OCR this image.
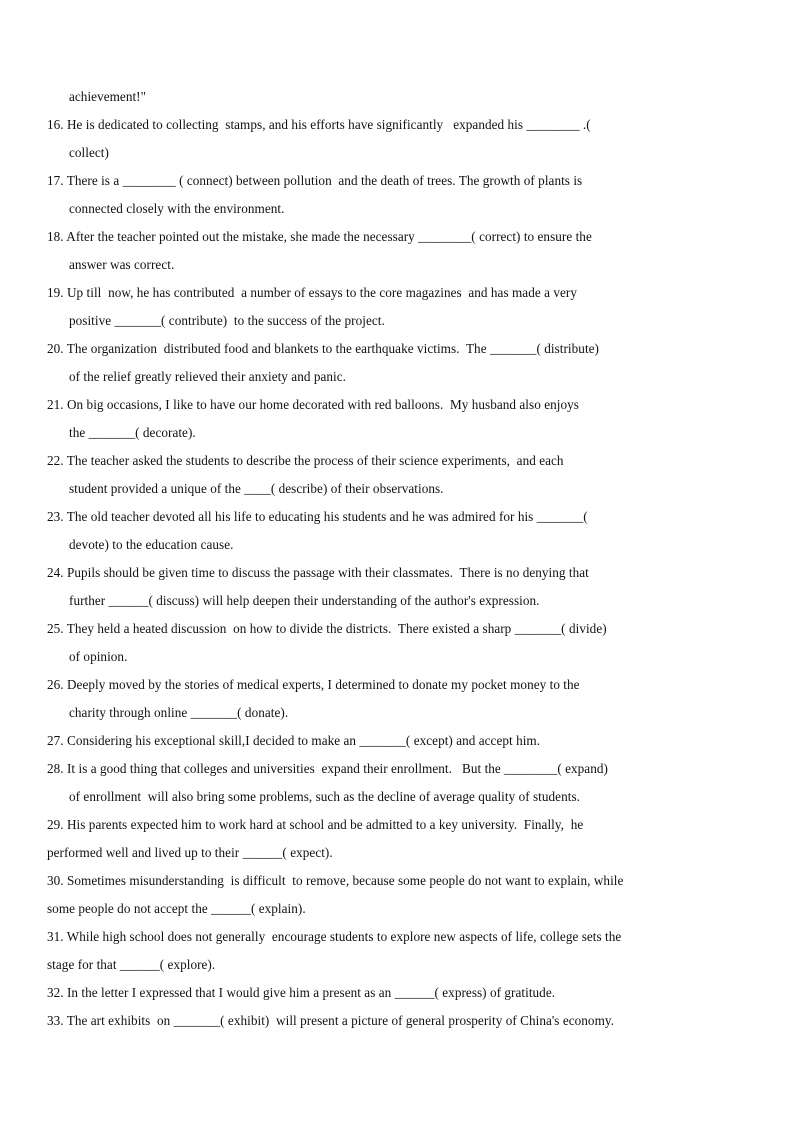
achievement!"
16. He is dedicated to collecting  stamps, and his efforts have significantly   expanded his ________ .(
collect)
17. There is a ________ ( connect) between pollution  and the death of trees. The growth of plants is
connected closely with the environment.
18. After the teacher pointed out the mistake, she made the necessary ________( correct) to ensure the
answer was correct.
19. Up till  now, he has contributed  a number of essays to the core magazines  and has made a very
positive _______( contribute)  to the success of the project.
20. The organization  distributed food and blankets to the earthquake victims.  The _______( distribute)
of the relief greatly relieved their anxiety and panic.
21. On big occasions, I like to have our home decorated with red balloons.  My husband also enjoys
the _______( decorate).
22. The teacher asked the students to describe the process of their science experiments,  and each
student provided a unique of the ____( describe) of their observations.
23. The old teacher devoted all his life to educating his students and he was admired for his _______(
devote) to the education cause.
24. Pupils should be given time to discuss the passage with their classmates.  There is no denying that
further ______( discuss) will help deepen their understanding of the author's expression.
25. They held a heated discussion  on how to divide the districts.  There existed a sharp _______( divide)
of opinion.
26. Deeply moved by the stories of medical experts, I determined to donate my pocket money to the
charity through online _______( donate).
27. Considering his exceptional skill,I decided to make an _______( except) and accept him.
28. It is a good thing that colleges and universities  expand their enrollment.   But the ________( expand)
of enrollment  will also bring some problems, such as the decline of average quality of students.
29. His parents expected him to work hard at school and be admitted to a key university.  Finally,  he
performed well and lived up to their ______( expect).
30. Sometimes misunderstanding  is difficult  to remove, because some people do not want to explain, while
some people do not accept the ______( explain).
31. While high school does not generally  encourage students to explore new aspects of life, college sets the
stage for that ______( explore).
32. In the letter I expressed that I would give him a present as an ______( express) of gratitude.
33. The art exhibits  on _______( exhibit)  will present a picture of general prosperity of China's economy.
